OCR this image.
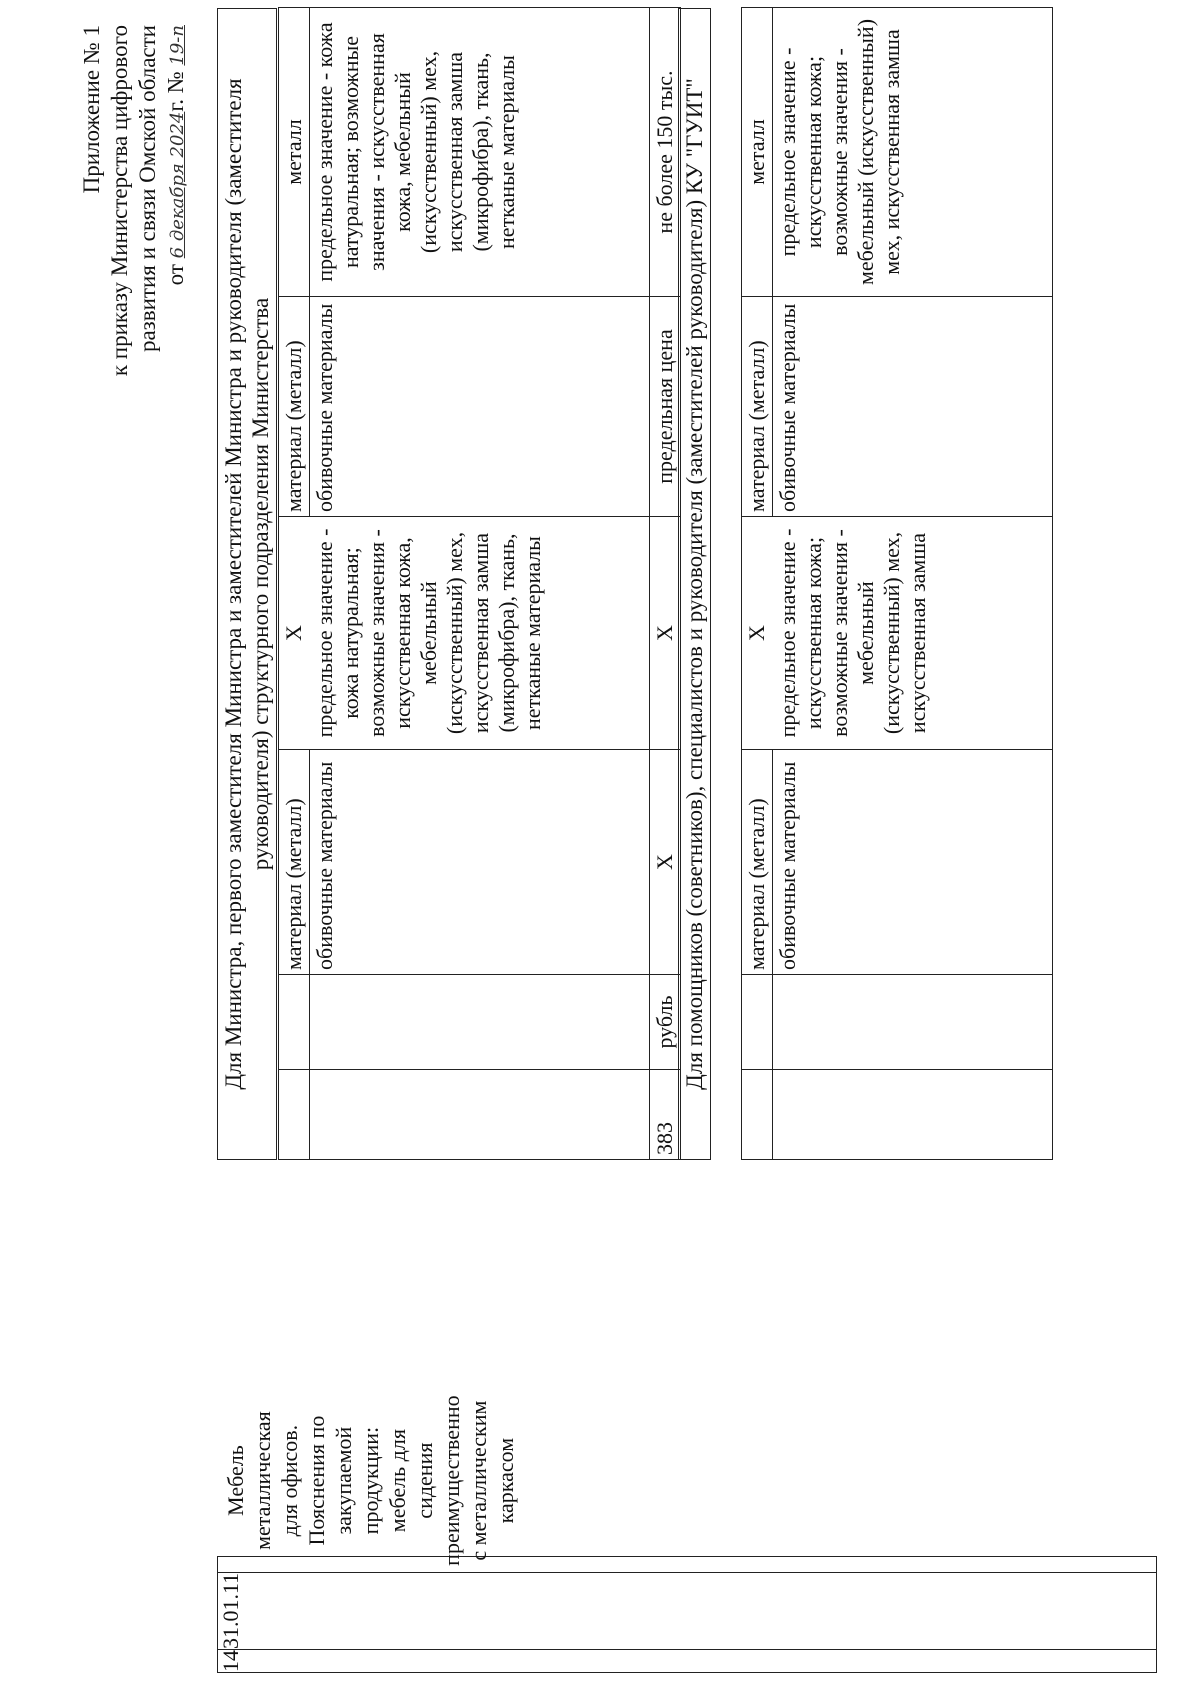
Приложение № 1 к приказу Министерства цифрового развития и связи Омской области от 6 декабря 2024г. № 19-п
14
31.01.11
Мебель металлическая для офисов. Пояснения по закупаемой продукции: мебель для сидения преимущественно с металлическим каркасом
Для Министра, первого заместителя Министра и заместителей Министра и руководителя (заместителя руководителя) структурного подразделения Министерства
		материал (металл)	Х	материал (металл)	металл
		обивочные материалы	предельное значение - кожа натуральная; возможные значения - искусственная кожа, мебельный (искусственный) мех, искусственная замша (микрофибра), ткань, нетканые материалы	обивочные материалы	предельное значение - кожа натуральная; возможные значения - искусственная кожа, мебельный (искусственный) мех, искусственная замша (микрофибра), ткань, нетканые материалы
383	рубль	Х	Х	предельная цена	не более 150 тыс. Для помощников (советников), специалистов и руководителя (заместителей руководителя) КУ "ГУИТ"
		материал (металл)	Х	материал (металл)	металл
		обивочные материалы	предельное значение - искусственная кожа; возможные значения - мебельный (искусственный) мех, искусственная замша	обивочные материалы	предельное значение - искусственная кожа; возможные значения - мебельный (искусственный) мех, искусственная замша
